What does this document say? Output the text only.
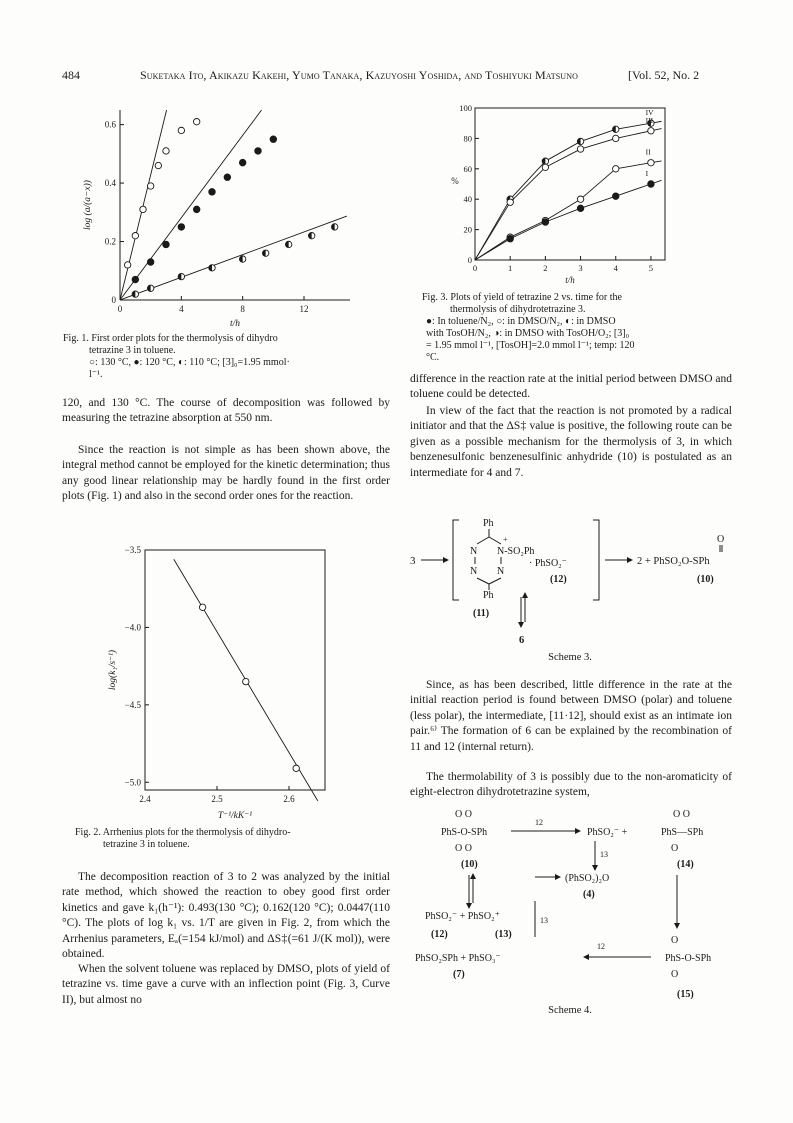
484	Suketaka Ito, Akikazu Kakehi, Yumo Tanaka, Kazuyoshi Yoshida, and Toshiyuki Matsuno	[Vol. 52, No. 2
0	4	8	12
0
0.2
0.4
0.6
t/h
log (a/(a−x))
Fig. 1. First order plots for the thermolysis of dihydro
tetrazine 3 in toluene.
○: 130 °C, ●: 120 °C, ◐: 110 °C; [3]₀=1.95 mmol·
l⁻¹.

120, and 130 °C. The course of decomposition was followed by measuring the tetrazine absorption at 550 nm.

Since the reaction is not simple as has been shown above, the integral method cannot be employed for the kinetic determination; thus any good linear relationship may be hardly found in the first order plots (Fig. 1) and also in the second order ones for the reaction.

2.4	2.5	2.6
−3.5
−4.0
−4.5
−5.0
T⁻¹/kK⁻¹
log(k₁/s⁻¹)
Fig. 2. Arrhenius plots for the thermolysis of dihydro-
tetrazine 3 in toluene.

The decomposition reaction of 3 to 2 was analyzed by the initial rate method, which showed the reaction to obey good first order kinetics and gave k₁(h⁻¹): 0.493(130 °C); 0.162(120 °C); 0.0447(110 °C). The plots of log k₁ vs. 1/T are given in Fig. 2, from which the Arrhenius parameters, Eₐ(=154 kJ/mol) and ΔS‡(=61 J/(K mol)), were obtained.

When the solvent toluene was replaced by DMSO, plots of yield of tetrazine vs. time gave a curve with an inflection point (Fig. 3, Curve II), but almost no

0	1	2	3	4	5
0
20
40
60
80
100
t/h
%
IV
III
II
I
Fig. 3. Plots of yield of tetrazine 2 vs. time for the
thermolysis of dihydrotetrazine 3.
●: In toluene/N₂, ○: in DMSO/N₂, ◐: in DMSO
with TosOH/N₂, ◑: in DMSO with TosOH/O₂; [3]₀
= 1.95 mmol l⁻¹, [TosOH]=2.0 mmol l⁻¹; temp: 120
°C.

difference in the reaction rate at the initial period between DMSO and toluene could be detected.

In view of the fact that the reaction is not promoted by a radical initiator and that the ΔS‡ value is positive, the following route can be given as a possible mechanism for the thermolysis of 3, in which benzenesulfonic benzenesulfinic anhydride (10) is postulated as an intermediate for 4 and 7.

3
Ph
N N-SO₂Ph
+
N N
Ph
· PhSO₂⁻
(12)
(11)
2 + PhSO₂O-SPh
O
(10)
6
Scheme 3.

Since, as has been described, little difference in the rate at the initial reaction period is found between DMSO (polar) and toluene (less polar), the intermediate, [11·12], should exist as an intimate ion pair.⁶⁾ The formation of 6 can be explained by the recombination of 11 and 12 (internal return).

The thermolability of 3 is possibly due to the non-aromaticity of eight-electron dihydrotetrazine system,

O O
PhS-O-SPh
O O
(10)
12
PhSO₂⁻ +
O O
PhS—SPh
O
(14)
13
(PhSO₂)₂O
(4)
PhSO₂⁻ + PhSO₂⁺
(12)	(13)
13
O
PhS-O-SPh
O
(15)
PhSO₂SPh + PhSO₃⁻
(7)
12
Scheme 4.
